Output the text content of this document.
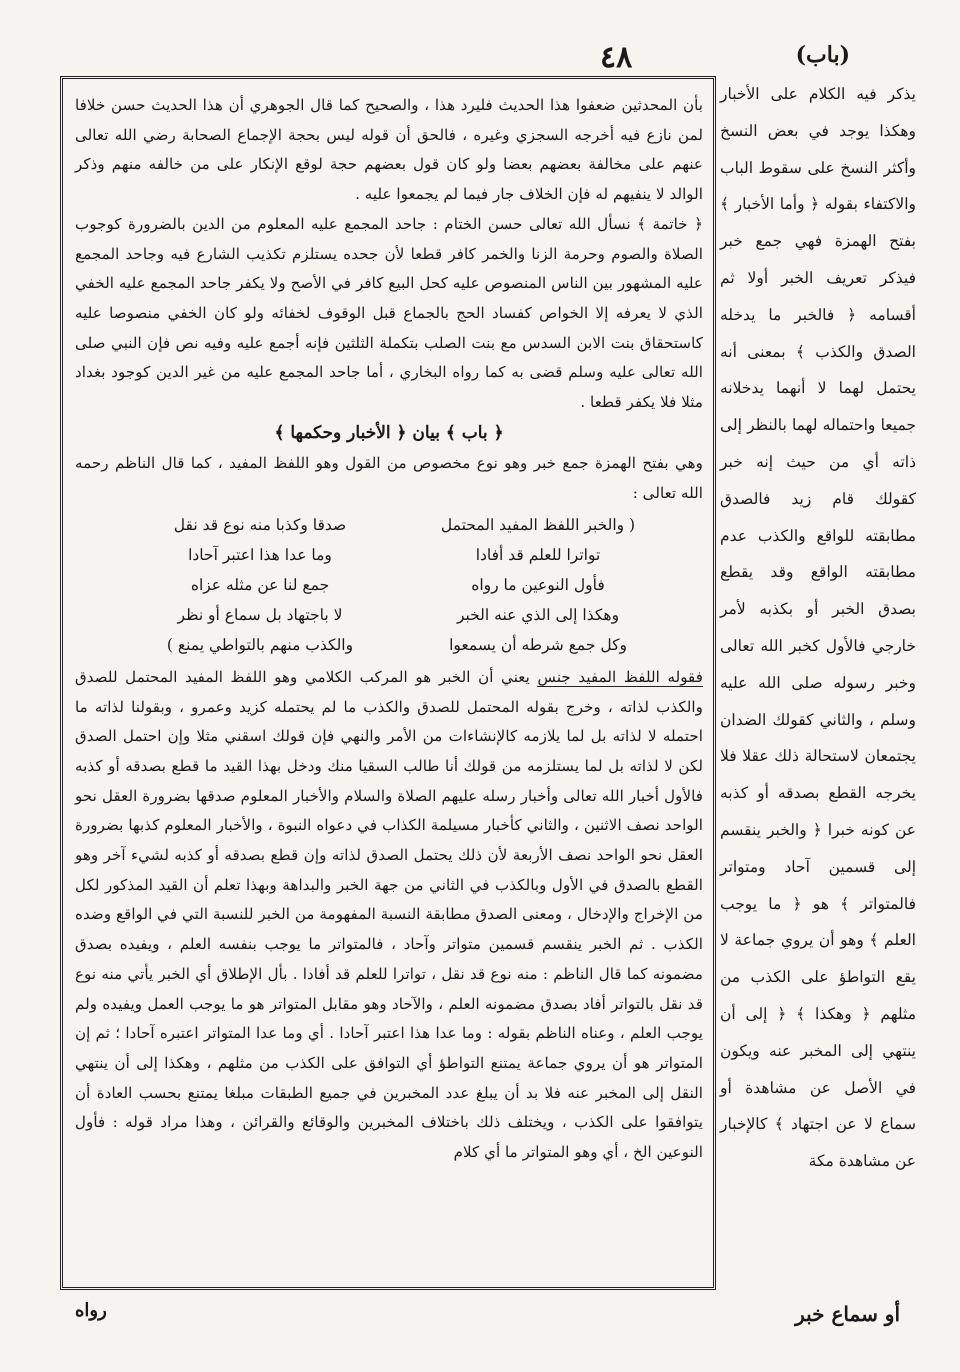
٤٨	(باب)

بأن المحدثين ضعفوا هذا الحديث فليرد هذا ، والصحيح كما قال الجوهري أن هذا الحديث حسن خلافا لمن نازع فيه أخرجه السجزي وغيره ، فالحق أن قوله ليس بحجة الإجماع الصحابة رضي الله تعالى عنهم على مخالفة بعضهم بعضا ولو كان قول بعضهم حجة لوقع الإنكار على من خالفه منهم وذكر الوالد لا ينفيهم له فإن الخلاف جار فيما لم يجمعوا عليه .

﴿ خاتمة ﴾ نسأل الله تعالى حسن الختام : جاحد المجمع عليه المعلوم من الدين بالضرورة كوجوب الصلاة والصوم وحرمة الزنا والخمر كافر قطعا لأن جحده يستلزم تكذيب الشارع فيه وجاحد المجمع عليه المشهور بين الناس المنصوص عليه كحل البيع كافر في الأصح ولا يكفر جاحد المجمع عليه الخفي الذي لا يعرفه إلا الخواص كفساد الحج بالجماع قبل الوقوف لخفائه ولو كان الخفي منصوصا عليه كاستحقاق بنت الابن السدس مع بنت الصلب بتكملة الثلثين فإنه أجمع عليه وفيه نص فإن النبي صلى الله تعالى عليه وسلم قضى به كما رواه البخاري ، أما جاحد المجمع عليه من غير الدين كوجود بغداد مثلا فلا يكفر قطعا .

﴿ باب ﴾ بيان ﴿ الأخبار وحكمها ﴾

وهي بفتح الهمزة جمع خبر وهو نوع مخصوص من القول وهو اللفظ المفيد ، كما قال الناظم رحمه الله تعالى :

( والخبر اللفظ المفيد المحتمل
صدقا وكذبا منه نوع قد نقل
تواترا للعلم قد أفادا
وما عدا هذا اعتبر آحادا
فأول النوعين ما رواه
جمع لنا عن مثله عزاه
وهكذا إلى الذي عنه الخبر
لا باجتهاد بل سماع أو نظر
وكل جمع شرطه أن يسمعوا
والكذب منهم بالتواطي يمنع )

فقوله اللفظ المفيد جنس يعني أن الخبر هو المركب الكلامي وهو اللفظ المفيد المحتمل للصدق والكذب لذاته ، وخرج بقوله المحتمل للصدق والكذب ما لم يحتمله كزيد وعمرو ، وبقولنا لذاته ما احتمله لا لذاته بل لما يلازمه كالإنشاءات من الأمر والنهي فإن قولك اسقني مثلا وإن احتمل الصدق لكن لا لذاته بل لما يستلزمه من قولك أنا طالب السقيا منك ودخل بهذا القيد ما قطع بصدقه أو كذبه فالأول أخبار الله تعالى وأخبار رسله عليهم الصلاة والسلام والأخبار المعلوم صدقها بضرورة العقل نحو الواحد نصف الاثنين ، والثاني كأخبار مسيلمة الكذاب في دعواه النبوة ، والأخبار المعلوم كذبها بضرورة العقل نحو الواحد نصف الأربعة لأن ذلك يحتمل الصدق لذاته وإن قطع بصدقه أو كذبه لشيء آخر وهو القطع بالصدق في الأول وبالكذب في الثاني من جهة الخبر والبداهة وبهذا تعلم أن القيد المذكور لكل من الإخراج والإدخال ، ومعنى الصدق مطابقة النسبة المفهومة من الخبر للنسبة التي في الواقع وضده الكذب . ثم الخبر ينقسم قسمين متواتر وآحاد ، فالمتواتر ما يوجب بنفسه العلم ، ويفيده بصدق مضمونه كما قال الناظم : منه نوع قد نقل ، تواترا للعلم قد أفادا . بأل الإطلاق أي الخبر يأتي منه نوع قد نقل بالتواتر أفاد بصدق مضمونه العلم ، والآحاد وهو مقابل المتواتر هو ما يوجب العمل ويفيده ولم يوجب العلم ، وعناه الناظم بقوله : وما عدا هذا اعتبر آحادا . أي وما عدا المتواتر اعتبره آحادا ؛ ثم إن المتواتر هو أن يروي جماعة يمتنع التواطؤ أي التوافق على الكذب من مثلهم ، وهكذا إلى أن ينتهي النقل إلى المخبر عنه فلا بد أن يبلغ عدد المخبرين في جميع الطبقات مبلغا يمتنع بحسب العادة أن يتوافقوا على الكذب ، ويختلف ذلك باختلاف المخبرين والوقائع والقرائن ، وهذا مراد قوله : فأول النوعين الخ ، أي وهو المتواتر ما أي كلام

يذكر فيه الكلام على الأخبار وهكذا يوجد في بعض النسخ وأكثر النسخ على سقوط الباب والاكتفاء بقوله ﴿ وأما الأخبار ﴾ بفتح الهمزة فهي جمع خبر فيذكر تعريف الخبر أولا ثم أقسامه ﴿ فالخبر ما يدخله الصدق والكذب ﴾ بمعنى أنه يحتمل لهما لا أنهما يدخلانه جميعا واحتماله لهما بالنظر إلى ذاته أي من حيث إنه خبر كقولك قام زيد فالصدق مطابقته للواقع والكذب عدم مطابقته الواقع وقد يقطع بصدق الخبر أو بكذبه لأمر خارجي فالأول كخبر الله تعالى وخبر رسوله صلى الله عليه وسلم ، والثاني كقولك الضدان يجتمعان لاستحالة ذلك عقلا فلا يخرجه القطع بصدقه أو كذبه عن كونه خبرا ﴿ والخبر ينقسم إلى قسمين آحاد ومتواتر فالمتواتر ﴾ هو ﴿ ما يوجب العلم ﴾ وهو أن يروي جماعة لا يقع التواطؤ على الكذب من مثلهم ﴿ وهكذا ﴾ ﴿ إلى أن ينتهي إلى المخبر عنه ويكون في الأصل عن مشاهدة أو سماع لا عن اجتهاد ﴾ كالإخبار عن مشاهدة مكة
أو سماع خبر
رواه
